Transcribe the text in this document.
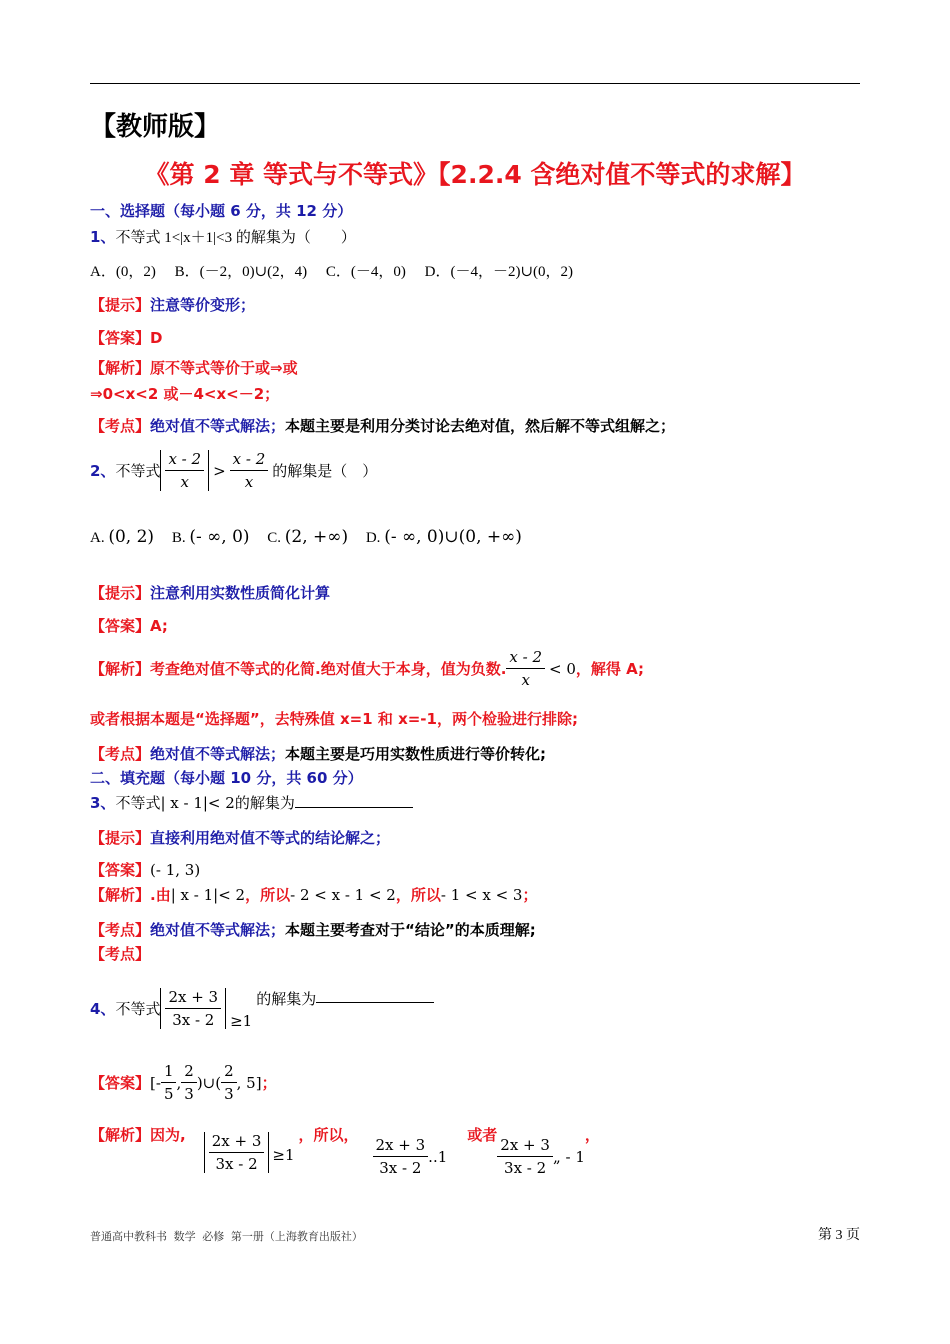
【教师版】
《第 2 章 等式与不等式》【2.2.4 含绝对值不等式的求解】
一、选择题（每小题 6 分，共 12 分）
1、不等式 1<|x＋1|<3 的解集为（　　）
A．(0，2)　 B．(－2，0)∪(2，4)　 C．(－4，0)　 D．(－4，－2)∪(0，2)
【提示】注意等价变形；
【答案】D
【解析】原不等式等价于或⇒或
⇒0<x<2 或－4<x<－2；
【考点】绝对值不等式解法；本题主要是利用分类讨论去绝对值，然后解不等式组解之；
2、 不等式 $\frac{x - 2}{x} > \frac{x - 2}{x}$ 的解集是（　）
A. (0, 2) B. (- ∞, 0) C. (2, +∞) D. (- ∞, 0)∪(0, +∞)
【提示】注意利用实数性质简化计算
【答案】A;
【解析】 考查绝对值不等式的化简.绝对值大于本身，值为负数. $\frac{x - 2}{x} < 0$ ，解得 A;
或者根据本题是“选择题”，去特殊值 x=1 和 x=-1，两个检验进行排除;
【考点】绝对值不等式解法；本题主要是巧用实数性质进行等价转化;
二、填充题（每小题 10 分，共 60 分）
3、不等式| x - 1|< 2的解集为
【提示】直接利用绝对值不等式的结论解之；
【答案】(- 1, 3)
【解析】.由| x - 1|< 2，所以- 2 < x - 1 < 2，所以- 1 < x < 3；
【考点】绝对值不等式解法；本题主要考查对于“结论”的本质理解;
【考点】
4、 不等式 $\frac{2x + 3}{3x - 2} \ge 1$
的解集为
【答案】 [- $\frac{1}{5}$ , $\frac{2}{3}$ )∪( $\frac{2}{3}$ , 5] ；
【解析】 因为, $\frac{2x + 3}{3x - 2} \ge 1$
，所以，
$\frac{2x + 3}{3x - 2} ..1$
或者
$\frac{2x + 3}{3x - 2}$ „ - 1
，
普通高中教科书 数学 必修 第一册（上海教育出版社）	第 3 页
